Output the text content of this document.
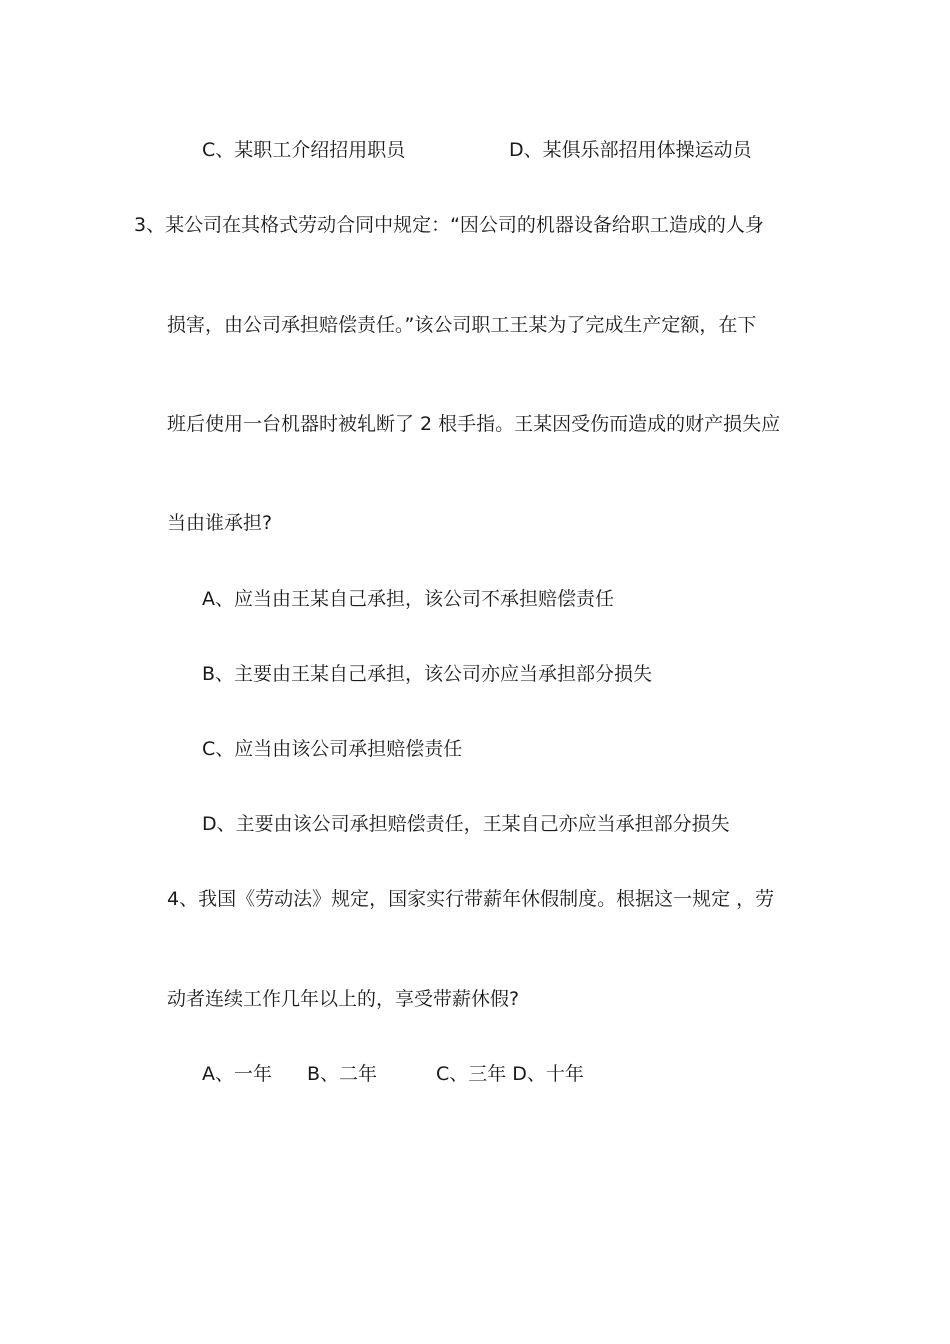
C、某职工介绍招用职员	D、某俱乐部招用体操运动员
3、某公司在其格式劳动合同中规定：“因公司的机器设备给职工造成的人身
损害，由公司承担赔偿责任。”该公司职工王某为了完成生产定额，在下
班后使用一台机器时被轧断了 2 根手指。王某因受伤而造成的财产损失应
当由谁承担?
A、应当由王某自己承担，该公司不承担赔偿责任
B、主要由王某自己承担，该公司亦应当承担部分损失
C、应当由该公司承担赔偿责任
D、主要由该公司承担赔偿责任，王某自己亦应当承担部分损失
4、我国《劳动法》规定，国家实行带薪年休假制度。根据这一规定 ，劳
动者连续工作几年以上的，享受带薪休假?
A、一年 B、二年	C、三年 D、十年
